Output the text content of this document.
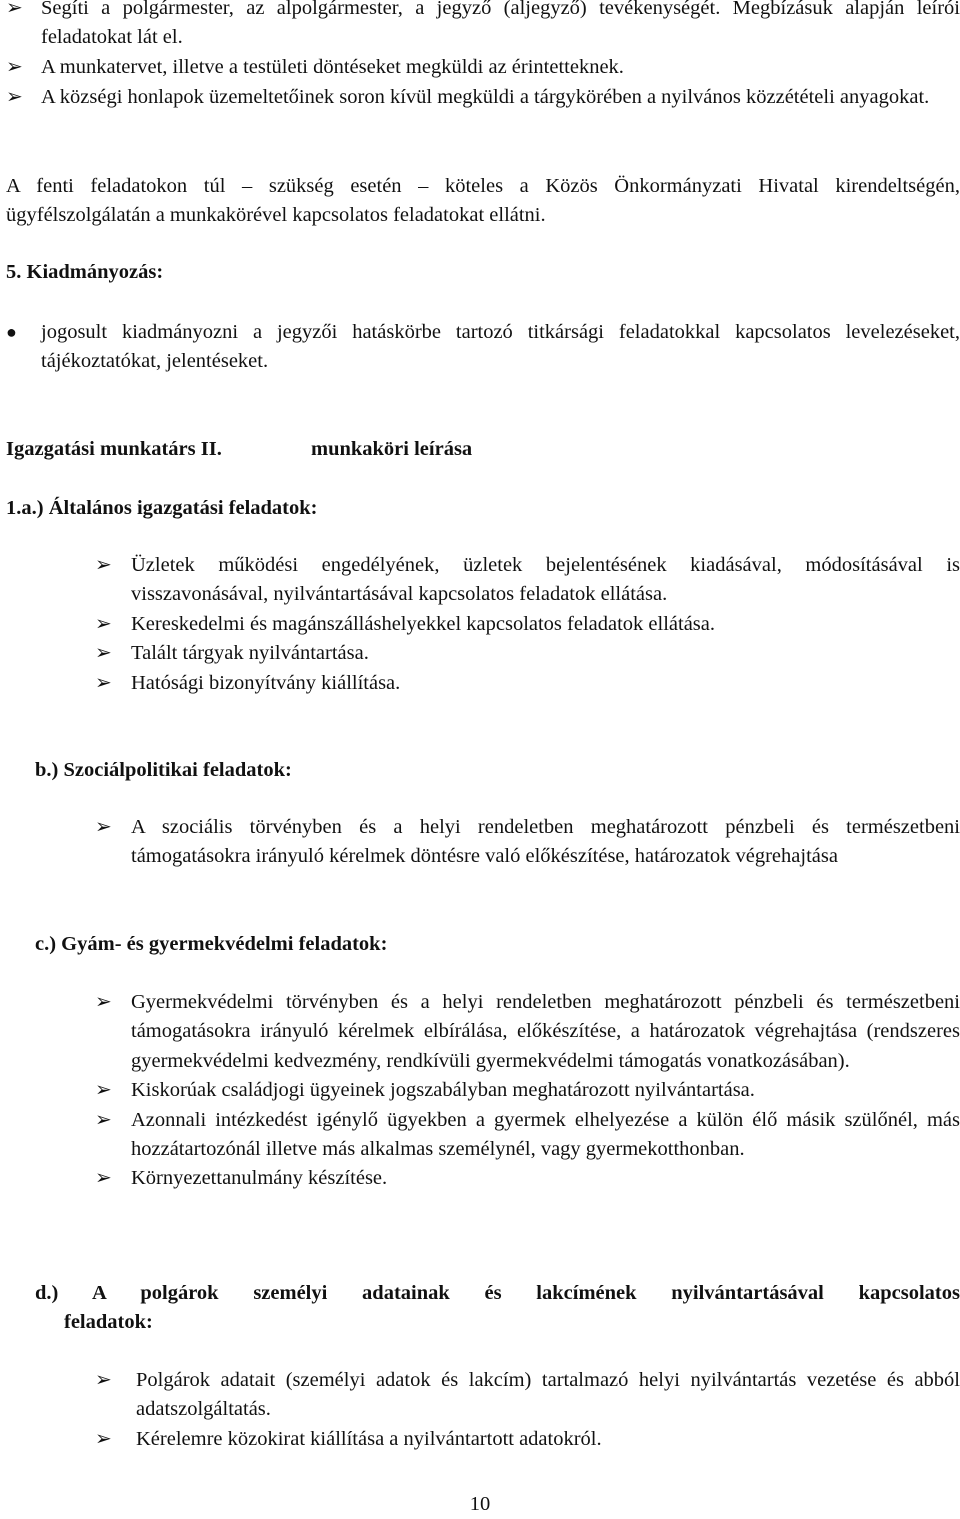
➢ Segíti a polgármester, az alpolgármester, a jegyző (aljegyző) tevékenységét. Megbízásuk alapján leírói feladatokat lát el.
➢ A munkatervet, illetve a testületi döntéseket megküldi az érintetteknek.
➢ A községi honlapok üzemeltetőinek soron kívül megküldi a tárgykörében a nyilvános közzétételi anyagokat.

A fenti feladatokon túl – szükség esetén – köteles a Közös Önkormányzati Hivatal kirendeltségén, ügyfélszolgálatán a munkakörével kapcsolatos feladatokat ellátni.

5. Kiadmányozás:
● jogosult kiadmányozni a jegyzői hatáskörbe tartozó titkársági feladatokkal kapcsolatos levelezéseket, tájékoztatókat, jelentéseket.
Igazgatási munkatárs II.	munkaköri leírása
1.a.) Általános igazgatási feladatok:
➢ Üzletek működési engedélyének, üzletek bejelentésének kiadásával, módosításával is visszavonásával, nyilvántartásával kapcsolatos feladatok ellátása.
➢ Kereskedelmi és magánszálláshelyekkel kapcsolatos feladatok ellátása.
➢ Talált tárgyak nyilvántartása.
➢ Hatósági bizonyítvány kiállítása.
b.) Szociálpolitikai feladatok:
➢ A szociális törvényben és a helyi rendeletben meghatározott pénzbeli és természetbeni támogatásokra irányuló kérelmek döntésre való előkészítése, határozatok végrehajtása
c.) Gyám- és gyermekvédelmi feladatok:
➢ Gyermekvédelmi törvényben és a helyi rendeletben meghatározott pénzbeli és természetbeni támogatásokra irányuló kérelmek elbírálása, előkészítése, a határozatok végrehajtása (rendszeres gyermekvédelmi kedvezmény, rendkívüli gyermekvédelmi támogatás vonatkozásában).
➢ Kiskorúak családjogi ügyeinek jogszabályban meghatározott nyilvántartása.
➢ Azonnali intézkedést igénylő ügyekben a gyermek elhelyezése a külön élő másik szülőnél, más hozzátartozónál illetve más alkalmas személynél, vagy gyermekotthonban.
➢ Környezettanulmány készítése.
d.) A polgárok személyi adatainak és lakcímének nyilvántartásával kapcsolatos
feladatok:
➢ Polgárok adatait (személyi adatok és lakcím) tartalmazó helyi nyilvántartás vezetése és abból adatszolgáltatás.
➢ Kérelemre közokirat kiállítása a nyilvántartott adatokról.
10
